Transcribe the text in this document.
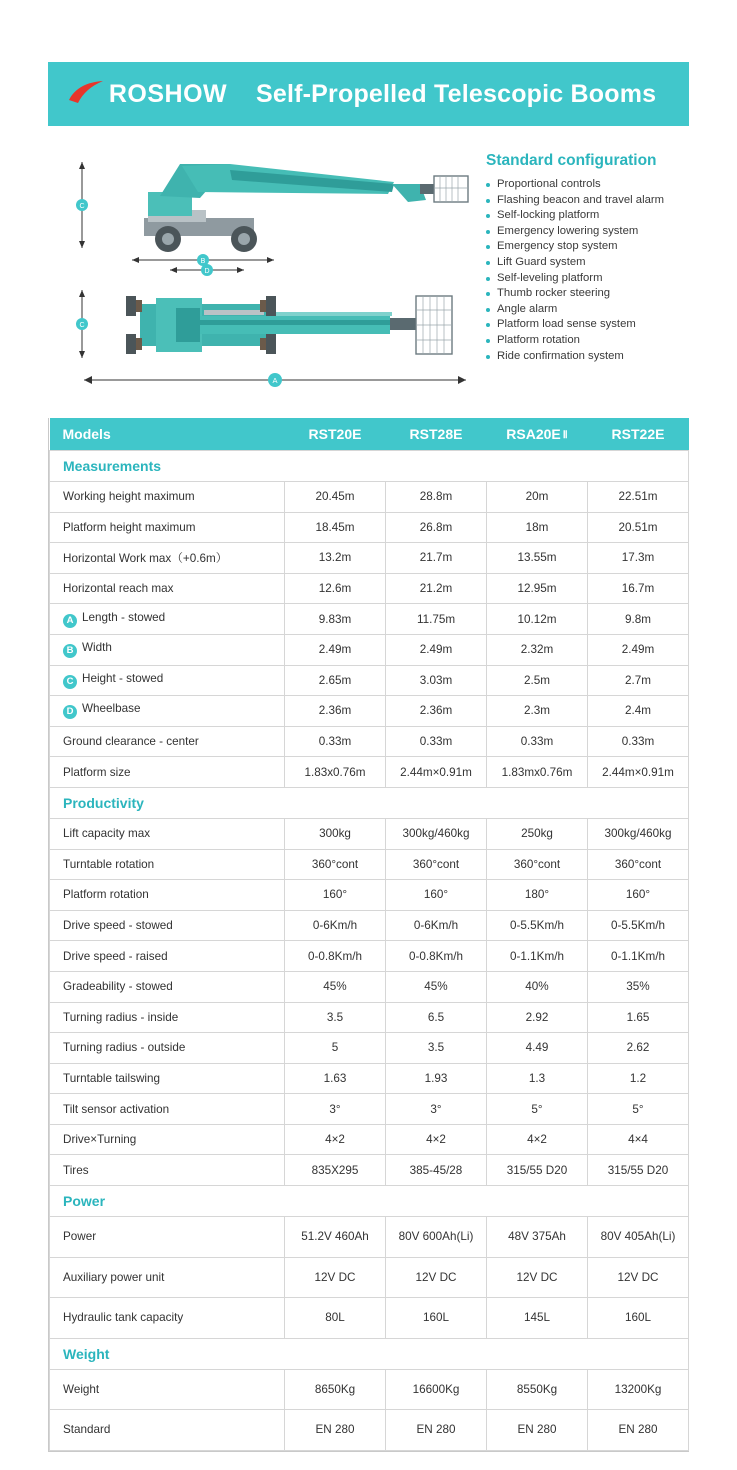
ROSHOW	Self-Propelled Telescopic Booms
C
D
C
B
A
Standard configuration
Proportional controls
Flashing beacon and travel alarm
Self-locking platform
Emergency lowering system
Emergency stop system
Lift Guard system
Self-leveling platform
Thumb rocker steering
Angle alarm
Platform load sense system
Platform rotation
Ride confirmation system
Models	RST20E	RST28E	RSA20E Ⅱ	RST22E
Measurements				
Working height maximum	20.45m	28.8m	20m	22.51m
Platform height maximum	18.45m	26.8m	18m	20.51m
Horizontal Work max（+0.6m）	13.2m	21.7m	13.55m	17.3m
Horizontal reach max	12.6m	21.2m	12.95m	16.7m
A Length - stowed	9.83m	11.75m	10.12m	9.8m
B Width	2.49m	2.49m	2.32m	2.49m
C Height - stowed	2.65m	3.03m	2.5m	2.7m
D Wheelbase	2.36m	2.36m	2.3m	2.4m
Ground clearance - center	0.33m	0.33m	0.33m	0.33m
Platform size	1.83x0.76m	2.44m×0.91m	1.83mx0.76m	2.44m×0.91m
Productivity				
Lift capacity max	300kg	300kg/460kg	250kg	300kg/460kg
Turntable rotation	360°cont	360°cont	360°cont	360°cont
Platform rotation	160°	160°	180°	160°
Drive speed - stowed	0-6Km/h	0-6Km/h	0-5.5Km/h	0-5.5Km/h
Drive speed - raised	0-0.8Km/h	0-0.8Km/h	0-1.1Km/h	0-1.1Km/h
Gradeability - stowed	45%	45%	40%	35%
Turning radius - inside	3.5	6.5	2.92	1.65
Turning radius - outside	5	3.5	4.49	2.62
Turntable tailswing	1.63	1.93	1.3	1.2
Tilt sensor activation	3°	3°	5°	5°
Drive×Turning	4×2	4×2	4×2	4×4
Tires	835X295	385-45/28	315/55 D20	315/55 D20
Power				
Power	51.2V 460Ah	80V 600Ah(Li)	48V 375Ah	80V 405Ah(Li)
Auxiliary power unit	12V DC	12V DC	12V DC	12V DC
Hydraulic tank capacity	80L	160L	145L	160L
Weight				
Weight	8650Kg	16600Kg	8550Kg	13200Kg
Standard	EN 280	EN 280	EN 280	EN 280
